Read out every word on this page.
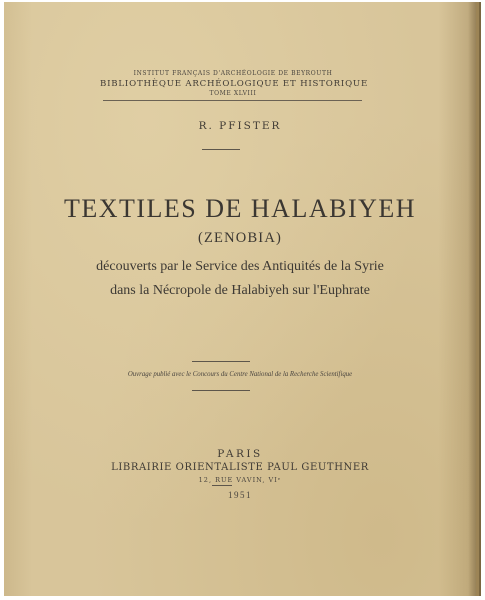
INSTITUT FRANÇAIS D'ARCHÉOLOGIE DE BEYROUTH
BIBLIOTHÈQUE ARCHÉOLOGIQUE ET HISTORIQUE
TOME XLVIII
R. PFISTER
TEXTILES DE HALABIYEH
(ZENOBIA)
découverts par le Service des Antiquités de la Syrie
dans la Nécropole de Halabiyeh sur l'Euphrate
Ouvrage publié avec le Concours du Centre National de la Recherche Scientifique
PARIS
LIBRAIRIE ORIENTALISTE PAUL GEUTHNER
12, RUE VAVIN, VIᵉ
1951
